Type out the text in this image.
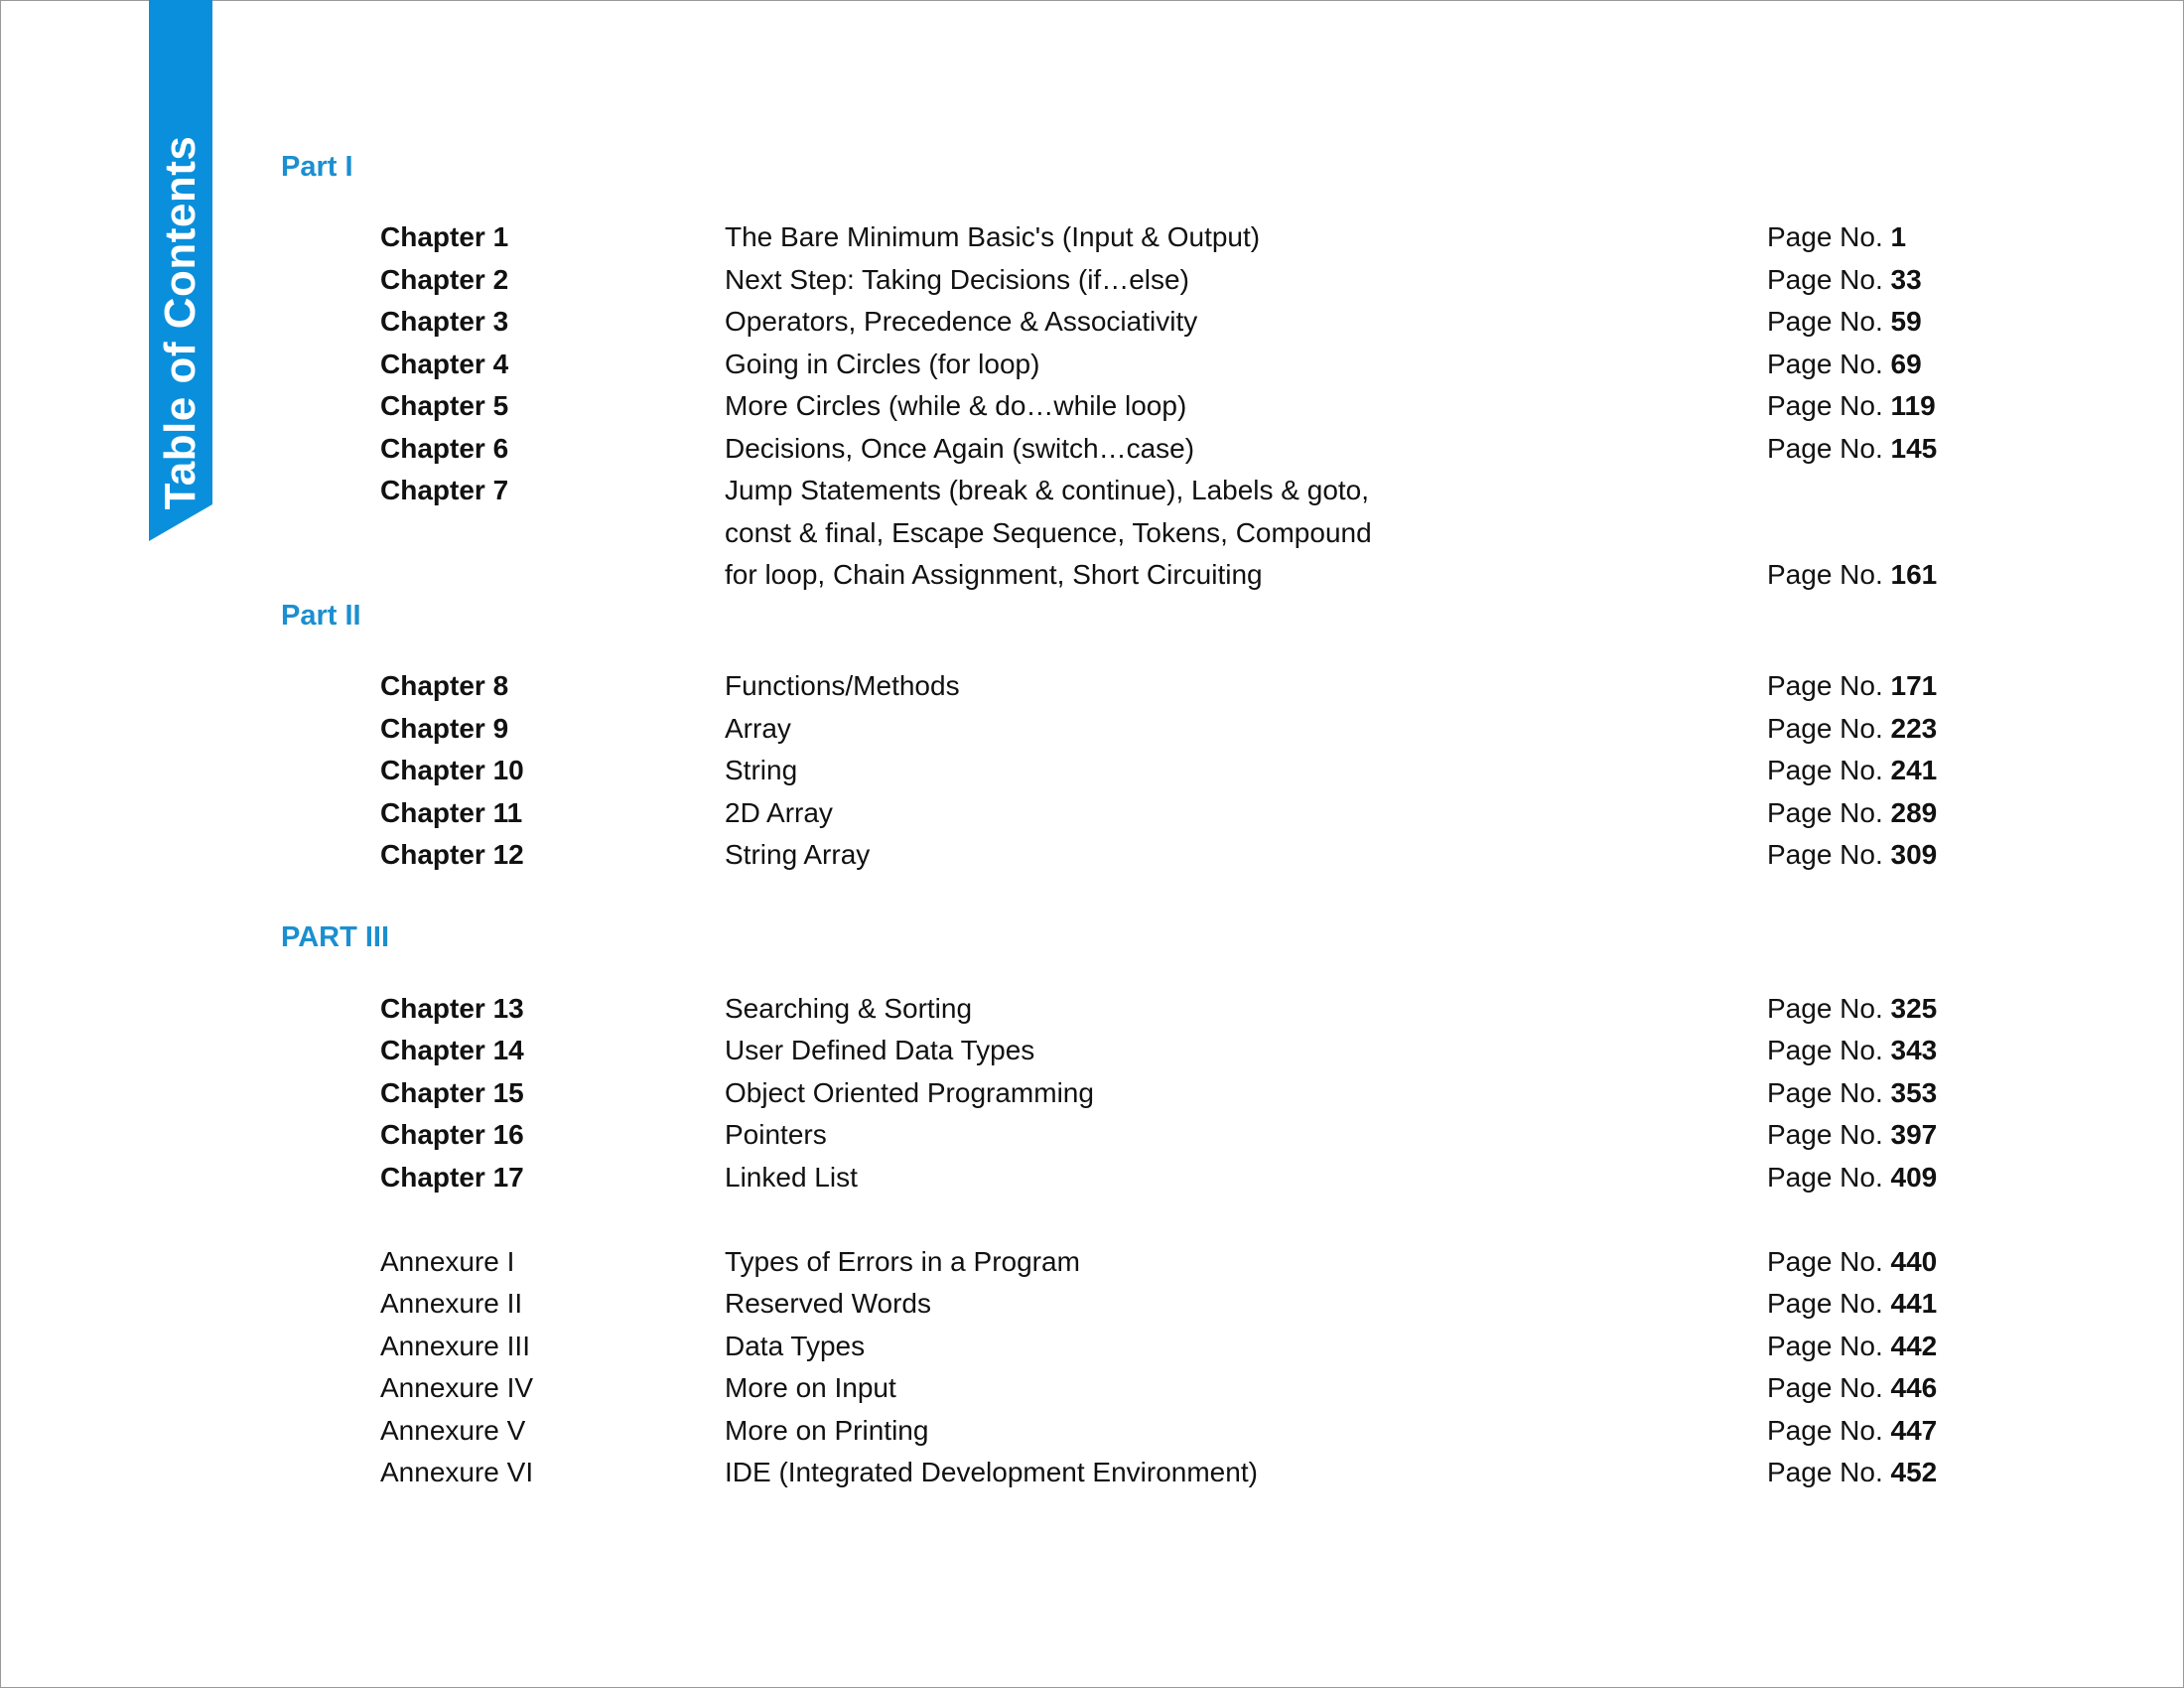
Table of Contents	Part I
Part II
PART III
Chapter 1	The Bare Minimum Basic's (Input & Output)	Page No. 1
Chapter 2	Next Step: Taking Decisions (if…else)	Page No. 33
Chapter 3	Operators, Precedence & Associativity	Page No. 59
Chapter 4	Going in Circles (for loop)	Page No. 69
Chapter 5	More Circles (while & do…while loop)	Page No. 119
Chapter 6	Decisions, Once Again (switch…case)	Page No. 145
Chapter 7	Jump Statements (break & continue), Labels & goto,
const & final, Escape Sequence, Tokens, Compound
for loop, Chain Assignment, Short Circuiting	Page No. 161
Chapter 8	Functions/Methods	Page No. 171
Chapter 9	Array	Page No. 223
Chapter 10	String	Page No. 241
Chapter 11	2D Array	Page No. 289
Chapter 12	String Array	Page No. 309
Chapter 13	Searching & Sorting	Page No. 325
Chapter 14	User Defined Data Types	Page No. 343
Chapter 15	Object Oriented Programming	Page No. 353
Chapter 16	Pointers	Page No. 397
Chapter 17	Linked List	Page No. 409
Annexure I	Types of Errors in a Program	Page No. 440
Annexure II	Reserved Words	Page No. 441
Annexure III	Data Types	Page No. 442
Annexure IV	More on Input	Page No. 446
Annexure V	More on Printing	Page No. 447
Annexure VI	IDE (Integrated Development Environment)	Page No. 452
